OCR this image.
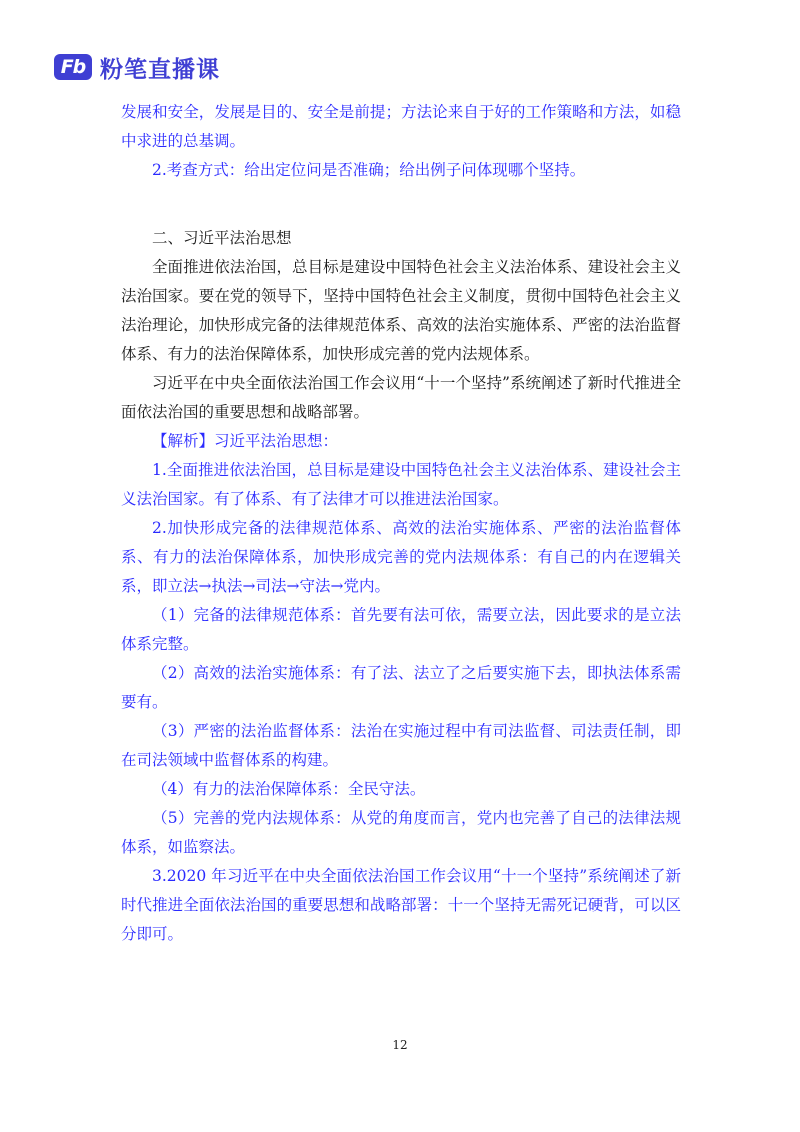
Fb 粉笔直播课

发展和安全，发展是目的、安全是前提；方法论来自于好的工作策略和方法，如稳中求进的总基调。

2.考查方式：给出定位问是否准确；给出例子问体现哪个坚持。

二、习近平法治思想

全面推进依法治国，总目标是建设中国特色社会主义法治体系、建设社会主义法治国家。要在党的领导下，坚持中国特色社会主义制度，贯彻中国特色社会主义法治理论，加快形成完备的法律规范体系、高效的法治实施体系、严密的法治监督体系、有力的法治保障体系，加快形成完善的党内法规体系。

习近平在中央全面依法治国工作会议用“十一个坚持”系统阐述了新时代推进全面依法治国的重要思想和战略部署。

【解析】习近平法治思想：

1.全面推进依法治国，总目标是建设中国特色社会主义法治体系、建设社会主义法治国家。有了体系、有了法律才可以推进法治国家。

2.加快形成完备的法律规范体系、高效的法治实施体系、严密的法治监督体系、有力的法治保障体系，加快形成完善的党内法规体系：有自己的内在逻辑关系，即立法→执法→司法→守法→党内。

（1）完备的法律规范体系：首先要有法可依，需要立法，因此要求的是立法体系完整。

（2）高效的法治实施体系：有了法、法立了之后要实施下去，即执法体系需要有。

（3）严密的法治监督体系：法治在实施过程中有司法监督、司法责任制，即在司法领域中监督体系的构建。

（4）有力的法治保障体系：全民守法。

（5）完善的党内法规体系：从党的角度而言，党内也完善了自己的法律法规体系，如监察法。

3.2020 年习近平在中央全面依法治国工作会议用“十一个坚持”系统阐述了新时代推进全面依法治国的重要思想和战略部署：十一个坚持无需死记硬背，可以区分即可。

12
